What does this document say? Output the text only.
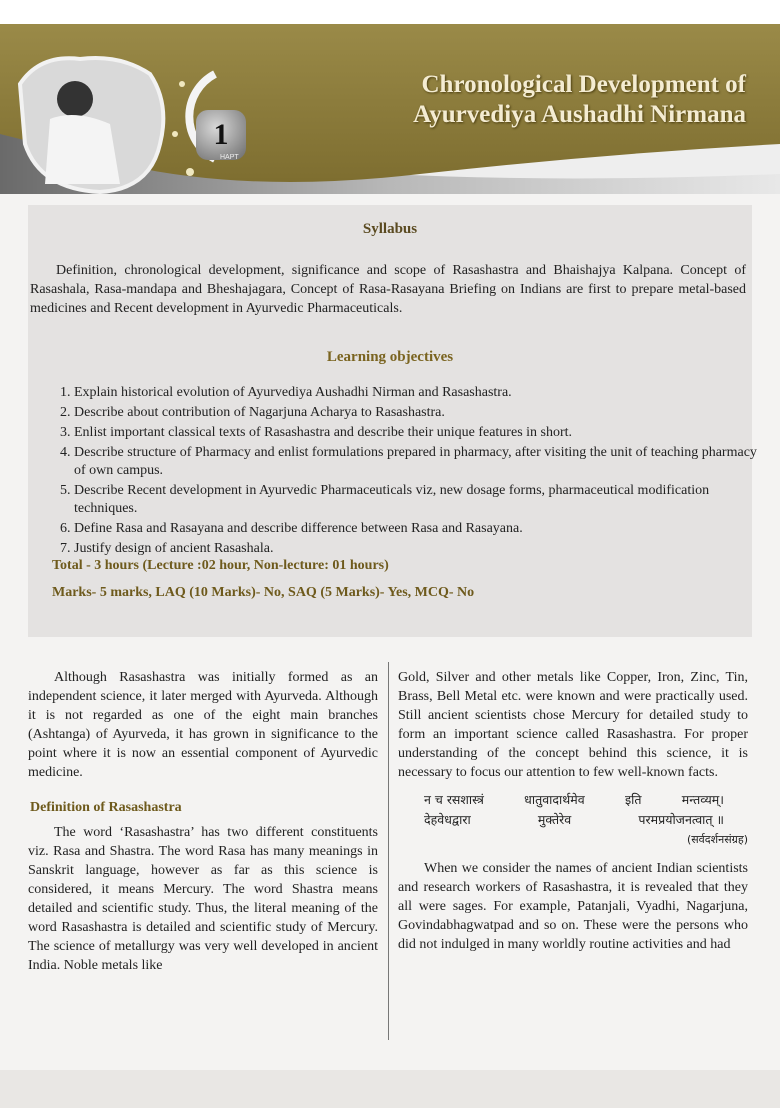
1
HAPT
Chronological Development of
Ayurvediya Aushadhi Nirmana
Syllabus
Definition, chronological development, significance and scope of Rasashastra and Bhaishajya Kalpana. Concept of Rasashala, Rasa-mandapa and Bheshajagara, Concept of Rasa-Rasayana Briefing on Indians are first to prepare metal-based medicines and Recent development in Ayurvedic Pharmaceuticals.
Learning objectives
1. Explain historical evolution of Ayurvediya Aushadhi Nirman and Rasashastra.
2. Describe about contribution of Nagarjuna Acharya to Rasashastra.
3. Enlist important classical texts of Rasashastra and describe their unique features in short.
4. Describe structure of Pharmacy and enlist formulations prepared in pharmacy, after visiting the unit of teaching pharmacy of own campus.
5. Describe Recent development in Ayurvedic Pharmaceuticals viz, new dosage forms, pharmaceutical modification techniques.
6. Define Rasa and Rasayana and describe difference between Rasa and Rasayana.
7. Justify design of ancient Rasashala.
Total - 3 hours (Lecture :02 hour, Non-lecture: 01 hours)
Marks- 5 marks, LAQ (10 Marks)- No, SAQ (5 Marks)- Yes, MCQ- No

Although Rasashastra was initially formed as an independent science, it later merged with Ayurveda. Although it is not regarded as one of the eight main branches (Ashtanga) of Ayurveda, it has grown in significance to the point where it is now an essential component of Ayurvedic medicine.

Definition of Rasashastra

The word ‘Rasashastra’ has two different constituents viz. Rasa and Shastra. The word Rasa has many meanings in Sanskrit language, however as far as this science is considered, it means Mercury. The word Shastra means detailed and scientific study. Thus, the literal meaning of the word Rasashastra is detailed and scientific study of Mercury. The science of metallurgy was very well developed in ancient India. Noble metals like

Gold, Silver and other metals like Copper, Iron, Zinc, Tin, Brass, Bell Metal etc. were known and were practically used. Still ancient scientists chose Mercury for detailed study to form an important science called Rasashastra. For proper understanding of the concept behind this science, it is necessary to focus our attention to few well-known facts.

न च रसशास्त्रं	धातुवादार्थमेव	इति	मन्तव्यम्।
देहवेधद्वारा	मुक्तेरेव	परमप्रयोजनत्वात् ॥
(सर्वदर्शनसंग्रह)

When we consider the names of ancient Indian scientists and research workers of Rasashastra, it is revealed that they all were sages. For example, Patanjali, Vyadhi, Nagarjuna, Govindabhagwatpad and so on. These were the persons who did not indulged in many worldly routine activities and had
